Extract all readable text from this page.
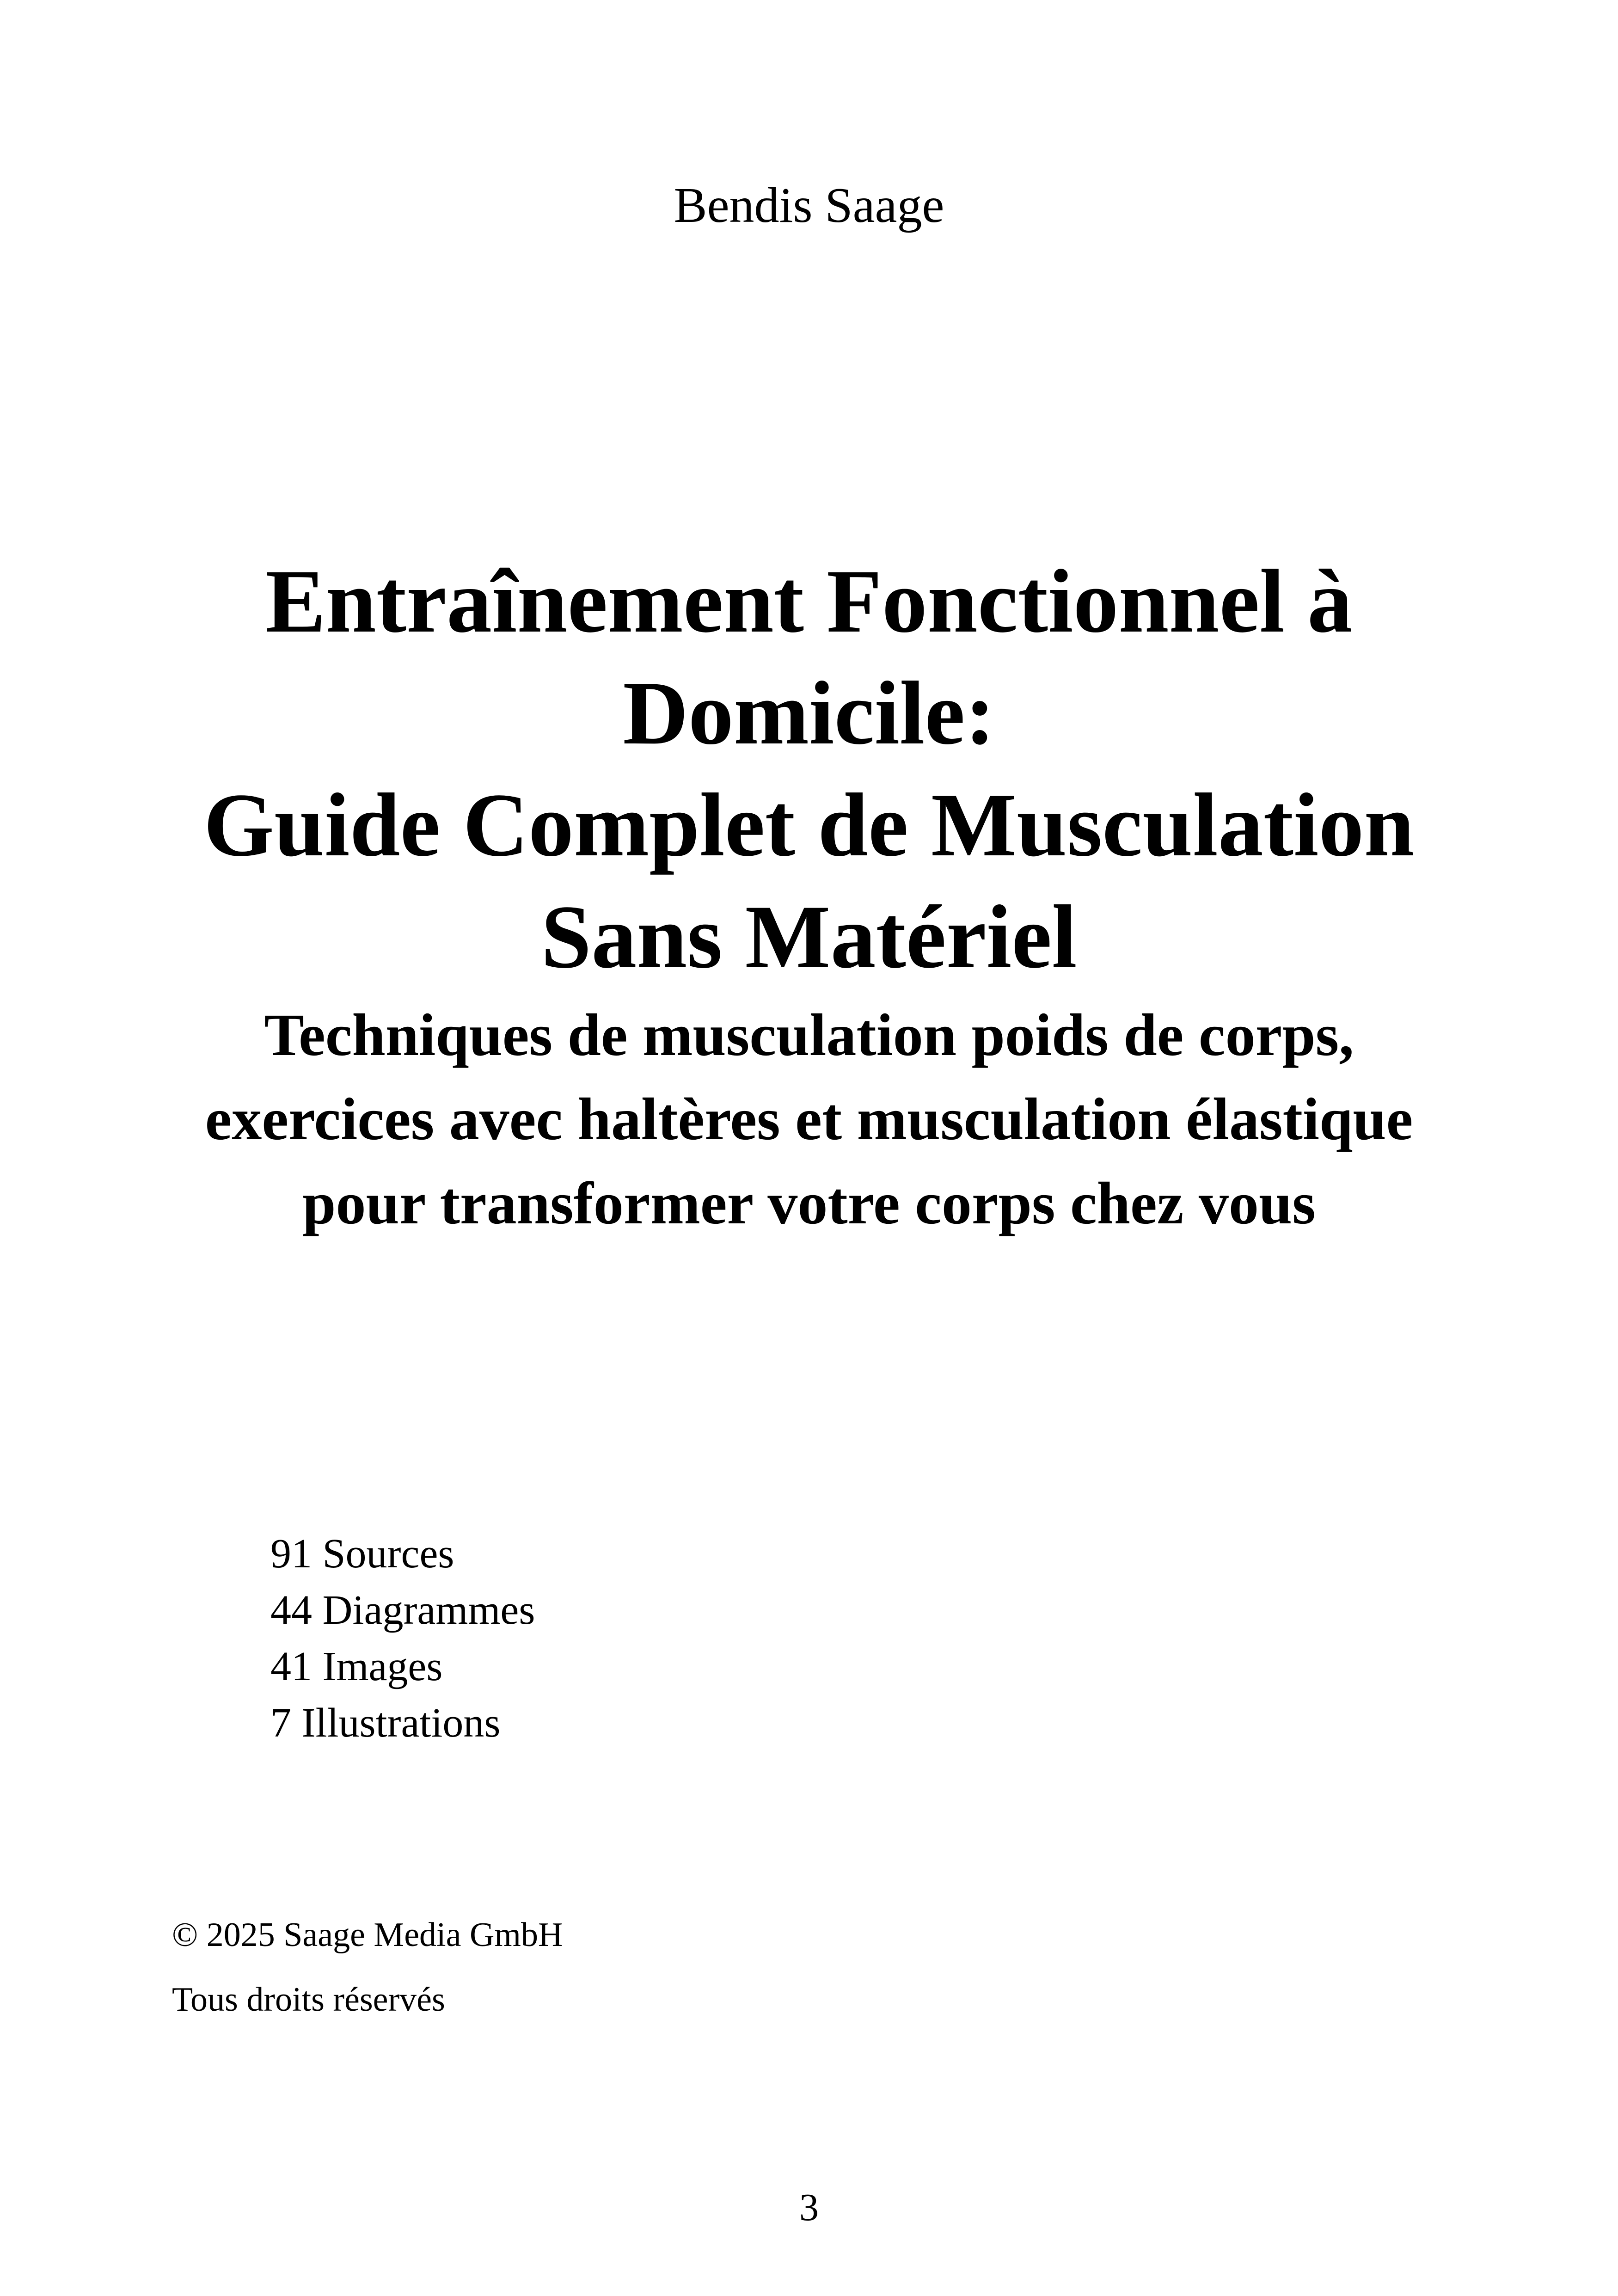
Bendis Saage
Entraînement Fonctionnel à
Domicile:
Guide Complet de Musculation
Sans Matériel

Techniques de musculation poids de corps, exercices avec haltères et musculation élastique pour transformer votre corps chez vous

91 Sources
44 Diagrammes
41 Images
7 Illustrations
© 2025 Saage Media GmbH
Tous droits réservés
3
